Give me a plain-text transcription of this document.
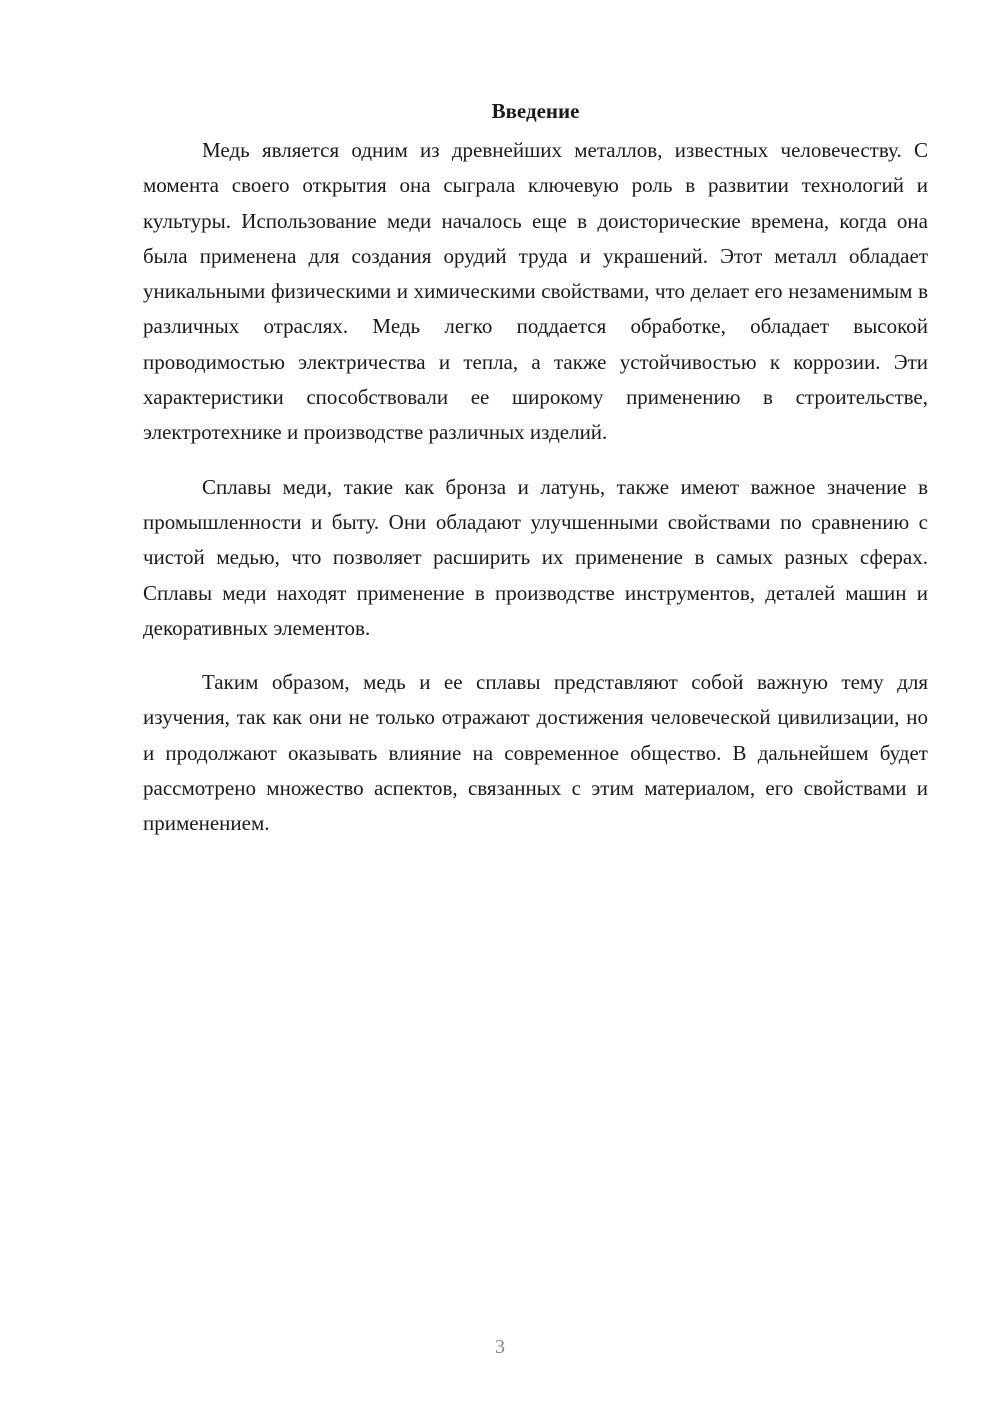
Введение

Медь является одним из древнейших металлов, известных человечеству. С момента своего открытия она сыграла ключевую роль в развитии технологий и культуры. Использование меди началось еще в доисторические времена, когда она была применена для создания орудий труда и украшений. Этот металл обладает уникальными физическими и химическими свойствами, что делает его незаменимым в различных отраслях. Медь легко поддается обработке, обладает высокой проводимостью электричества и тепла, а также устойчивостью к коррозии. Эти характеристики способствовали ее широкому применению в строительстве, электротехнике и производстве различных изделий.

Сплавы меди, такие как бронза и латунь, также имеют важное значение в промышленности и быту. Они обладают улучшенными свойствами по сравнению с чистой медью, что позволяет расширить их применение в самых разных сферах. Сплавы меди находят применение в производстве инструментов, деталей машин и декоративных элементов.

Таким образом, медь и ее сплавы представляют собой важную тему для изучения, так как они не только отражают достижения человеческой цивилизации, но и продолжают оказывать влияние на современное общество. В дальнейшем будет рассмотрено множество аспектов, связанных с этим материалом, его свойствами и применением.

3
